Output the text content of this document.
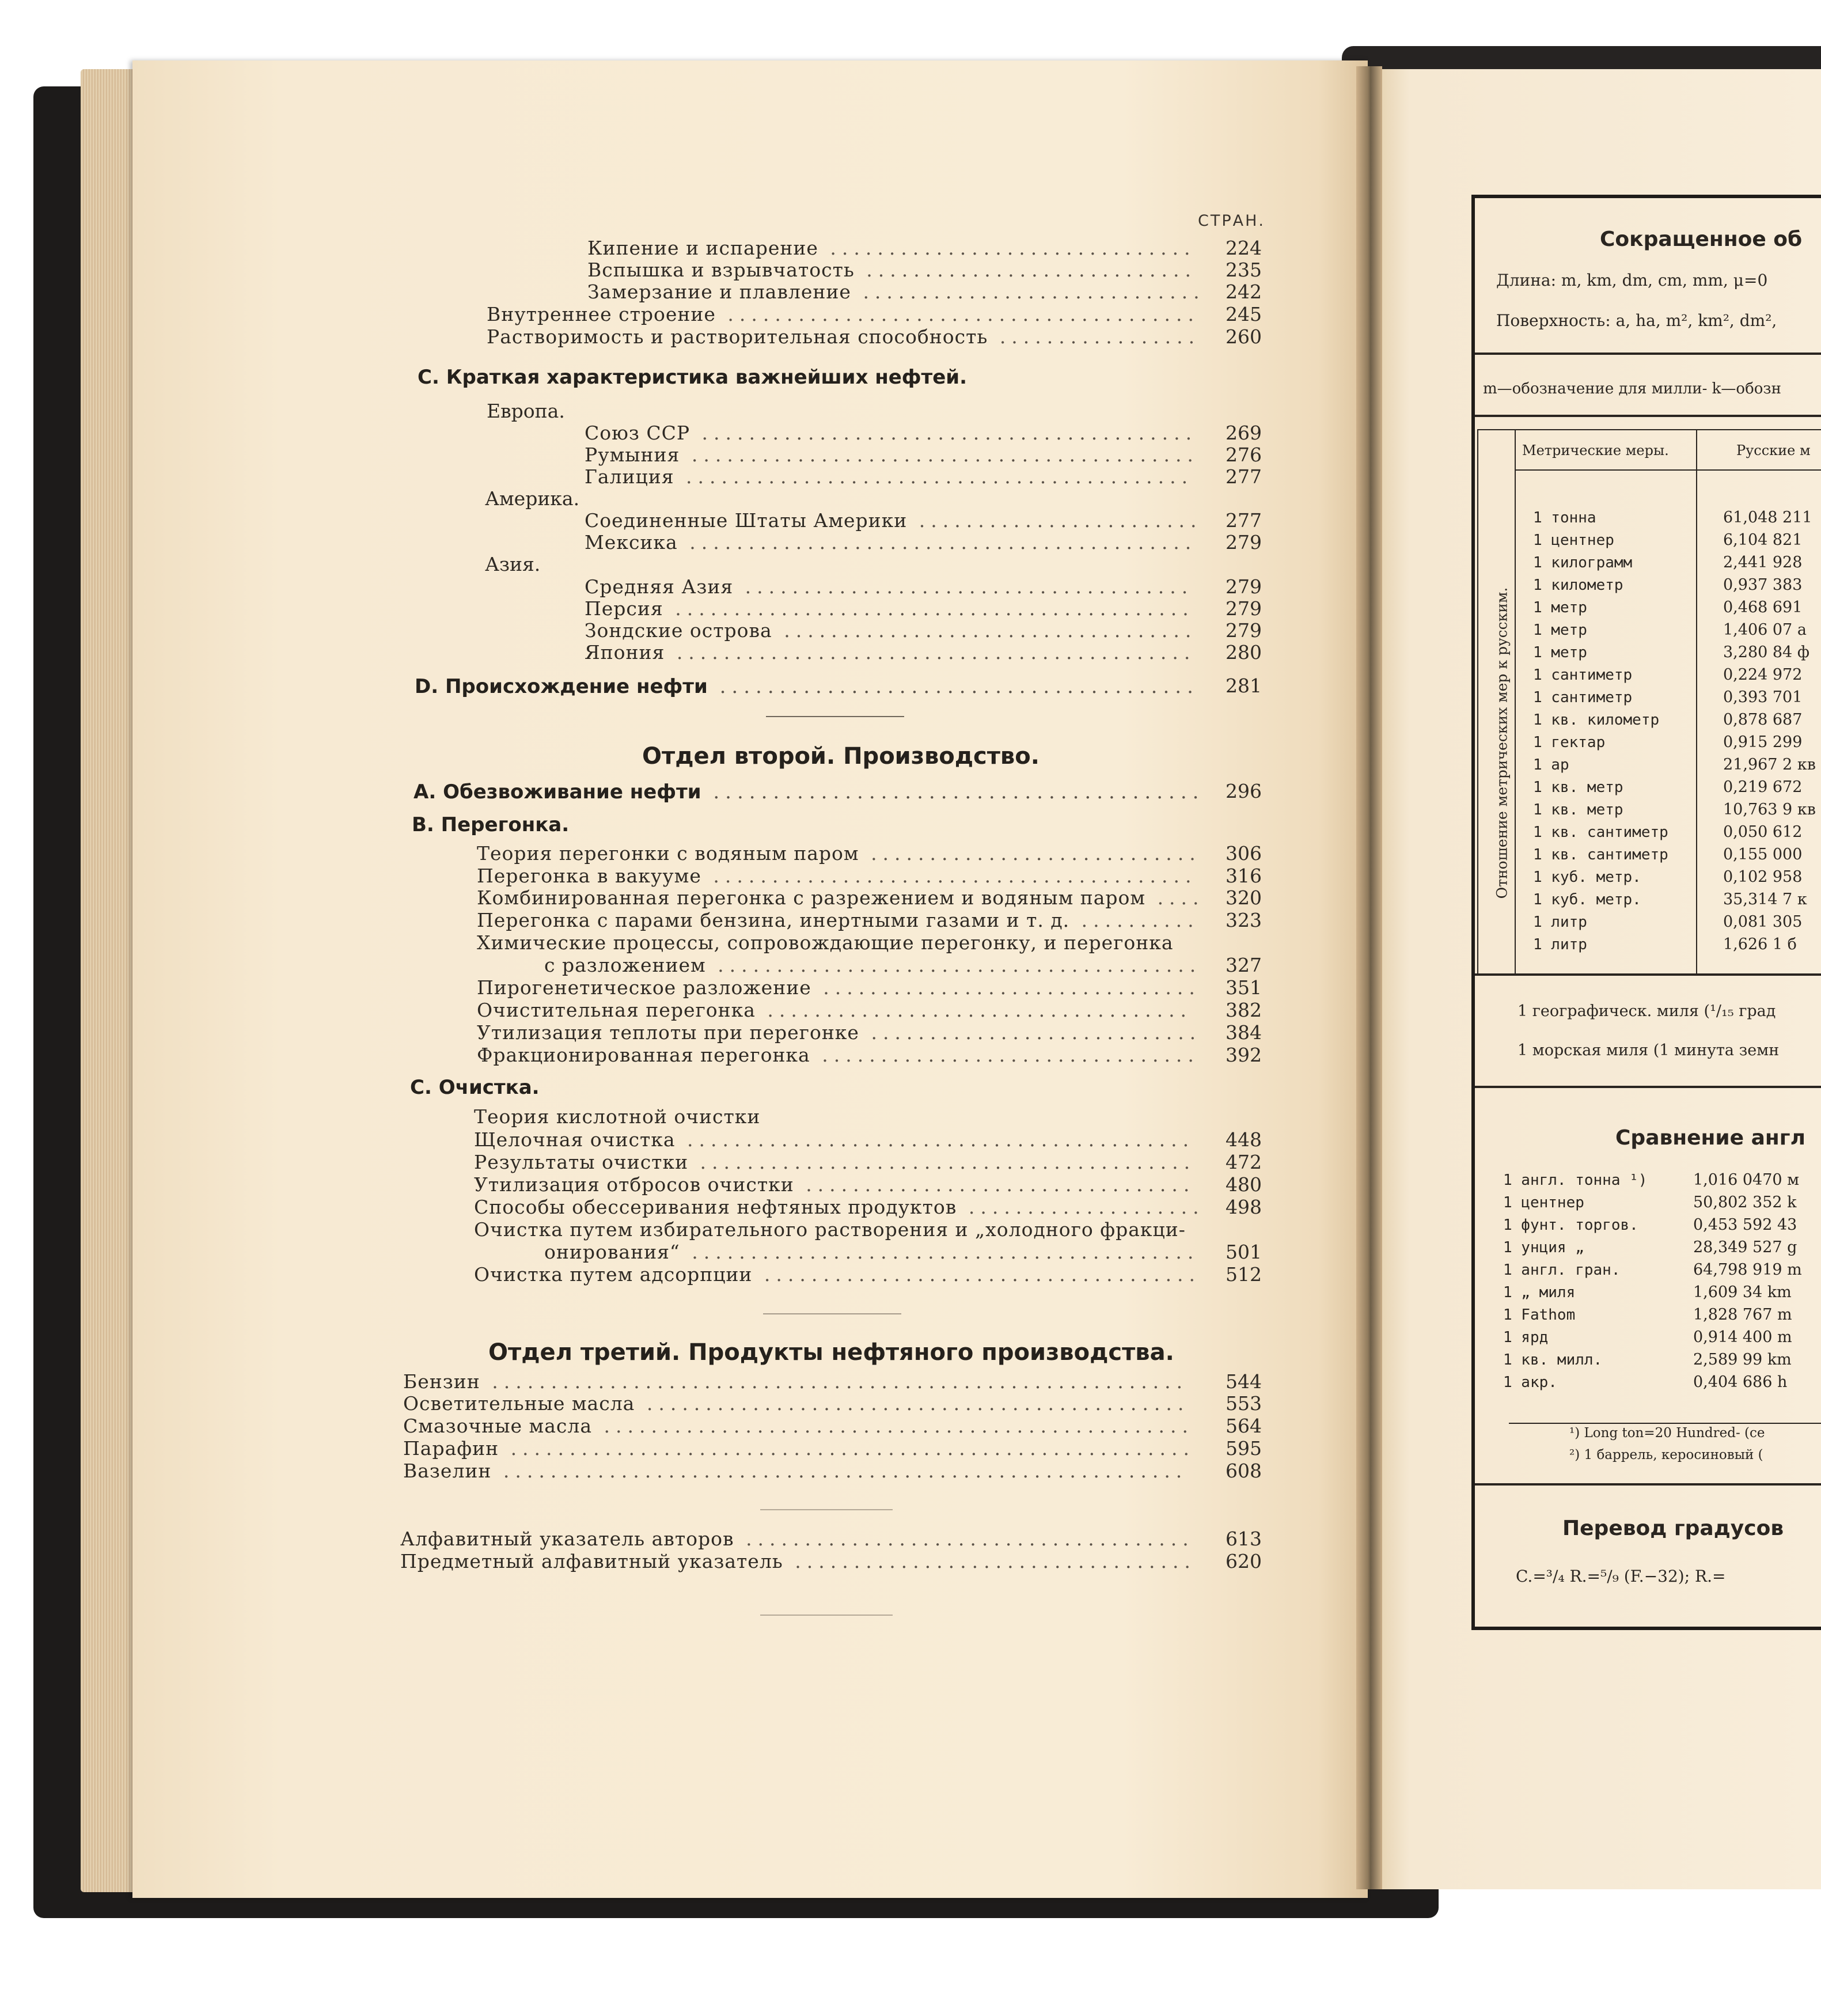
СТРАН.
Отдел второй. Производство.
Отдел третий. Продукты нефтяного производства.
Кипение и испарение ............................... 224
Вспышка и взрывчатость ............................ 235
Замерзание и плавление ............................. 242
Внутреннее строение ........................................ 245
Растворимость и растворительная способность ................. 260
С. Краткая характеристика важнейших нефтей.
Европа.
Союз ССР .......................................... 269
Румыния ........................................... 276
Галиция ........................................... 277
Америка.
Соединенные Штаты Америки ........................ 277
Мексика ........................................... 279
Азия.
Средняя Азия ...................................... 279
Персия ............................................ 279
Зондские острова ................................... 279
Япония ............................................ 280
D. Происхождение нефти ........................................ 281
А. Обезвоживание нефти ......................................... 296
В. Перегонка.
Теория перегонки с водяным паром ............................ 306
Перегонка в вакууме ......................................... 316
Комбинированная перегонка с разрежением и водяным паром .... 320
Перегонка с парами бензина, инертными газами и т. д. .......... 323
Химические процессы, сопровождающие перегонку, и перегонка
с разложением ......................................... 327
Пирогенетическое разложение ................................ 351
Очистительная перегонка .................................... 382
Утилизация теплоты при перегонке ............................ 384
Фракционированная перегонка ................................ 392
С. Очистка.
Теория кислотной очистки
Щелочная очистка ........................................... 448
Результаты очистки .......................................... 472
Утилизация отбросов очистки ................................. 480
Способы обессеривания нефтяных продуктов .................... 498
Очистка путем избирательного растворения и „холодного фракци-
онирования“ ........................................... 501
Очистка путем адсорпции ..................................... 512
Бензин ........................................................... 544
Осветительные масла .............................................. 553
Смазочные масла .................................................. 564
Парафин .......................................................... 595
Вазелин .......................................................... 608
Алфавитный указатель авторов ...................................... 613
Предметный алфавитный указатель .................................. 620
Сокращенное об
Длина: m, km, dm, cm, mm, μ=0
Поверхность: a, ha, m², km², dm²,
m—обозначение для милли- k—обозн
Отношение метрических мер к русским.
Метрические меры.	Русские м
1 тонна	61,048 211
1 центнер	6,104 821
1 килограмм	2,441 928
1 километр	0,937 383
1 метр	0,468 691
1 метр	1,406 07 а
1 метр	3,280 84 ф
1 сантиметр	0,224 972
1 сантиметр	0,393 701
1 кв. километр	0,878 687
1 гектар	0,915 299
1 ар	21,967 2 кв
1 кв. метр	0,219 672
1 кв. метр	10,763 9 кв
1 кв. сантиметр	0,050 612
1 кв. сантиметр	0,155 000
1 куб. метр.	0,102 958
1 куб. метр.	35,314 7 к
1 литр	0,081 305
1 литр	1,626 1 б
1 географическ. миля (¹/₁₅ град
1 морская миля (1 минута земн
Сравнение англ
1 англ. тонна ¹)	1,016 0470 м
1 центнер	50,802 352 k
1 фунт. торгов.	0,453 592 43
1 унция „	28,349 527 g
1 англ. гран.	64,798 919 m
1 „ миля	1,609 34 km
1 Fathom	1,828 767 m
1 ярд	0,914 400 m
1 кв. милл.	2,589 99 km
1 акр.	0,404 686 h
¹) Long ton=20 Hundred- (ce
²) 1 баррель, керосиновый (
Перевод градусов
C.=³/₄ R.=⁵/₉ (F.−32); R.=
